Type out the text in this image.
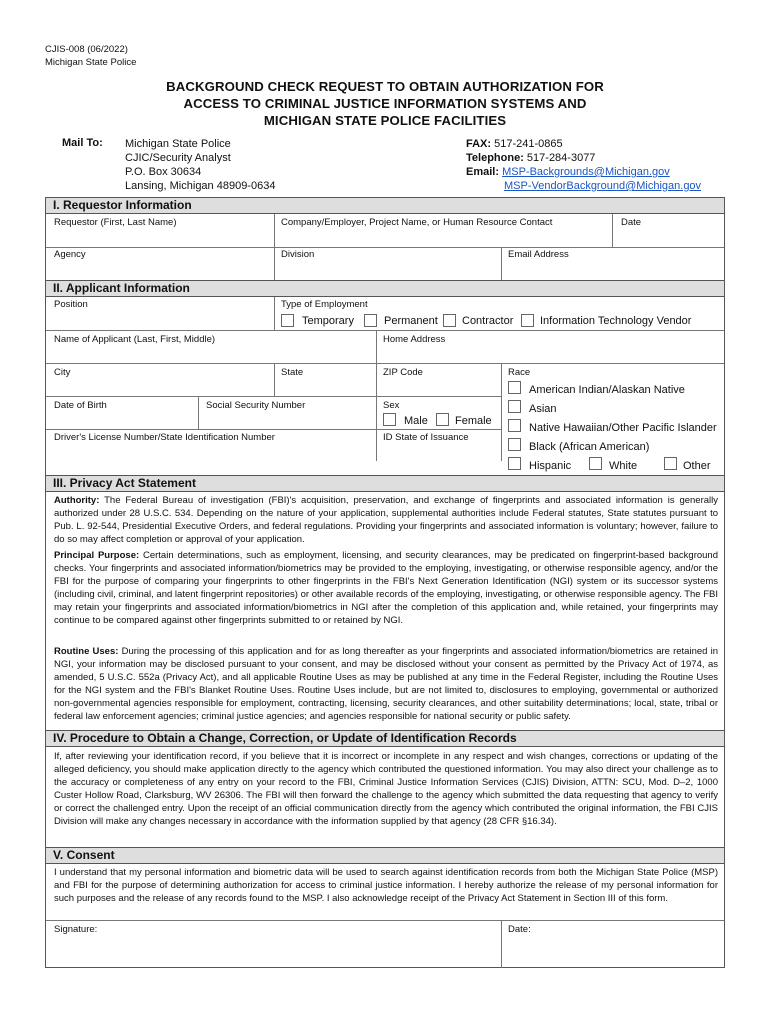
CJIS-008 (06/2022)
Michigan State Police
BACKGROUND CHECK REQUEST TO OBTAIN AUTHORIZATION FOR
ACCESS TO CRIMINAL JUSTICE INFORMATION SYSTEMS AND
MICHIGAN STATE POLICE FACILITIES
Mail To: Michigan State Police
CJIC/Security Analyst
P.O. Box 30634
Lansing, Michigan 48909-0634
FAX: 517-241-0865
Telephone: 517-284-3077
Email: MSP-Backgrounds@Michigan.gov
MSP-VendorBackground@Michigan.gov
I. Requestor Information
Requestor (First, Last Name)	Company/Employer, Project Name, or Human Resource Contact	Date
Agency	Division	Email Address
II. Applicant Information
Position	Type of Employment
Temporary	Permanent Contractor Information Technology Vendor
Name of Applicant (Last, First, Middle)	Home Address
City	State	ZIP Code	Race
American Indian/Alaskan Native
Asian
Native Hawaiian/Other Pacific Islander
Black (African American)
Hispanic	White	Other
Date of Birth	Social Security Number	Sex
Male Female
Driver's License Number/State Identification Number	ID State of Issuance
III. Privacy Act Statement
Authority: The Federal Bureau of investigation (FBI)'s acquisition, preservation, and exchange of fingerprints and associated information is generally authorized under 28 U.S.C. 534. Depending on the nature of your application, supplemental authorities include Federal statutes, State statutes pursuant to Pub. L. 92-544, Presidential Executive Orders, and federal regulations. Providing your fingerprints and associated information is voluntary; however, failure to do so may affect completion or approval of your application.
Principal Purpose: Certain determinations, such as employment, licensing, and security clearances, may be predicated on fingerprint-based background checks. Your fingerprints and associated information/biometrics may be provided to the employing, investigating, or otherwise responsible agency, and/or the FBI for the purpose of comparing your fingerprints to other fingerprints in the FBI's Next Generation Identification (NGI) system or its successor systems (including civil, criminal, and latent fingerprint repositories) or other available records of the employing, investigating, or otherwise responsible agency. The FBI may retain your fingerprints and associated information/biometrics in NGI after the completion of this application and, while retained, your fingerprints may continue to be compared against other fingerprints submitted to or retained by NGI.
Routine Uses: During the processing of this application and for as long thereafter as your fingerprints and associated information/biometrics are retained in NGI, your information may be disclosed pursuant to your consent, and may be disclosed without your consent as permitted by the Privacy Act of 1974, as amended, 5 U.S.C. 552a (Privacy Act), and all applicable Routine Uses as may be published at any time in the Federal Register, including the Routine Uses for the NGI system and the FBI's Blanket Routine Uses. Routine Uses include, but are not limited to, disclosures to employing, governmental or authorized non-governmental agencies responsible for employment, contracting, licensing, security clearances, and other suitability determinations; local, state, tribal or federal law enforcement agencies; criminal justice agencies; and agencies responsible for national security or public safety.
IV. Procedure to Obtain a Change, Correction, or Update of Identification Records
If, after reviewing your identification record, if you believe that it is incorrect or incomplete in any respect and wish changes, corrections or updating of the alleged deficiency, you should make application directly to the agency which contributed the questioned information. You may also direct your challenge as to the accuracy or completeness of any entry on your record to the FBI, Criminal Justice Information Services (CJIS) Division, ATTN: SCU, Mod. D–2, 1000 Custer Hollow Road, Clarksburg, WV 26306. The FBI will then forward the challenge to the agency which submitted the data requesting that agency to verify or correct the challenged entry. Upon the receipt of an official communication directly from the agency which contributed the original information, the FBI CJIS Division will make any changes necessary in accordance with the information supplied by that agency (28 CFR §16.34).
V. Consent
I understand that my personal information and biometric data will be used to search against identification records from both the Michigan State Police (MSP) and FBI for the purpose of determining authorization for access to criminal justice information. I hereby authorize the release of my personal information for such purposes and the release of any records found to the MSP. I also acknowledge receipt of the Privacy Act Statement in Section III of this form.
Signature:	Date:
